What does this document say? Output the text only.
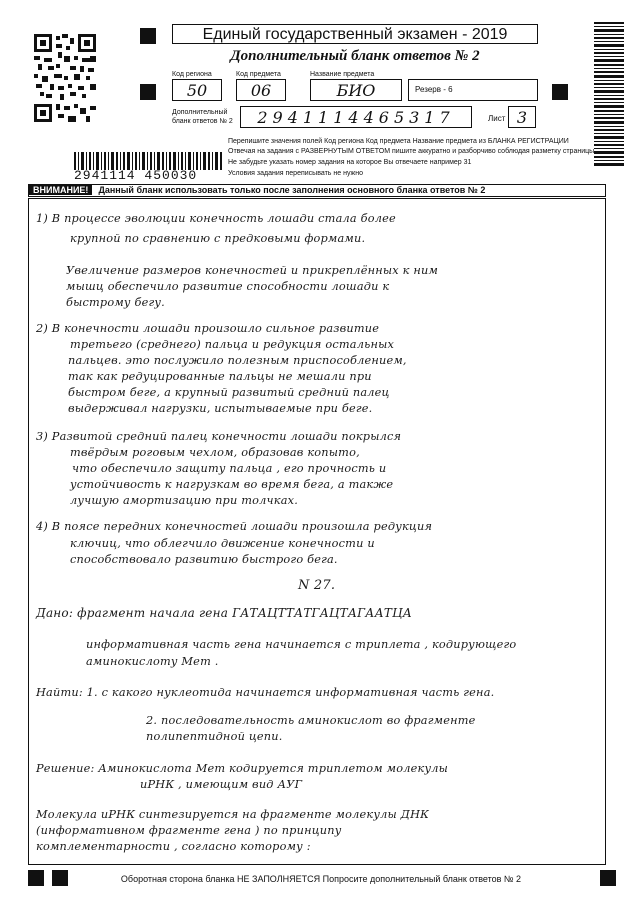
Единый государственный экзамен - 2019
Дополнительный бланк ответов № 2
Код региона	Код предмета	Название предмета
50	06	БИО	Резерв - 6
Дополнительный бланк ответов № 2	2941114465317	Лист 3
Перепишите значения полей Код региона Код предмета Название предмета из БЛАНКА РЕГИСТРАЦИИ
Отвечая на задания с РАЗВЕРНУТЫМ ОТВЕТОМ пишите аккуратно и разборчиво соблюдая разметку страницы
Не забудьте указать номер задания на которое Вы отвечаете например 31
Условия задания переписывать не нужно
2941114 450030
ВНИМАНИЕ! Данный бланк использовать только после заполнения основного бланка ответов № 2
1) В процессе эволюции конечность лошади стала более
крупной по сравнению с предковыми формами.
Увеличение размеров конечностей и прикреплённых к ним
мышц обеспечило развитие способности лошади к
быстрому бегу.
2) В конечности лошади произошло сильное развитие
третьего (среднего) пальца и редукция остальных
пальцев. это послужило полезным приспособлением,
так как редуцированные пальцы не мешали при
быстром беге, а крупный развитый средний палец
выдерживал нагрузки, испытываемые при беге.
3) Развитой средний палец конечности лошади покрылся
твёрдым роговым чехлом, образовав копыто,
что обеспечило защиту пальца , его прочность и
устойчивость к нагрузкам во время бега, а также
лучшую амортизацию при толчках.
4) В поясе передних конечностей лошади произошла редукция
ключиц, что облегчило движение конечности и
способствовало развитию быстрого бега.
N 27.
Дано: фрагмент начала гена ГАТАЦТТАТГАЦТАГААТЦА
информативная часть гена начинается с триплета , кодирующего
аминокислоту Мет .
Найти: 1. с какого нуклеотида начинается информативная часть гена.
2. последовательность аминокислот во фрагменте
полипептидной цепи.
Решение: Аминокислота Мет кодируется триплетом молекулы
иРНК , имеющим вид АУГ
Молекула иРНК синтезируется на фрагменте молекулы ДНК
(информативном фрагменте гена ) по принципу
комплементарности , согласно которому :
Оборотная сторона бланка НЕ ЗАПОЛНЯЕТСЯ Попросите дополнительный бланк ответов № 2
